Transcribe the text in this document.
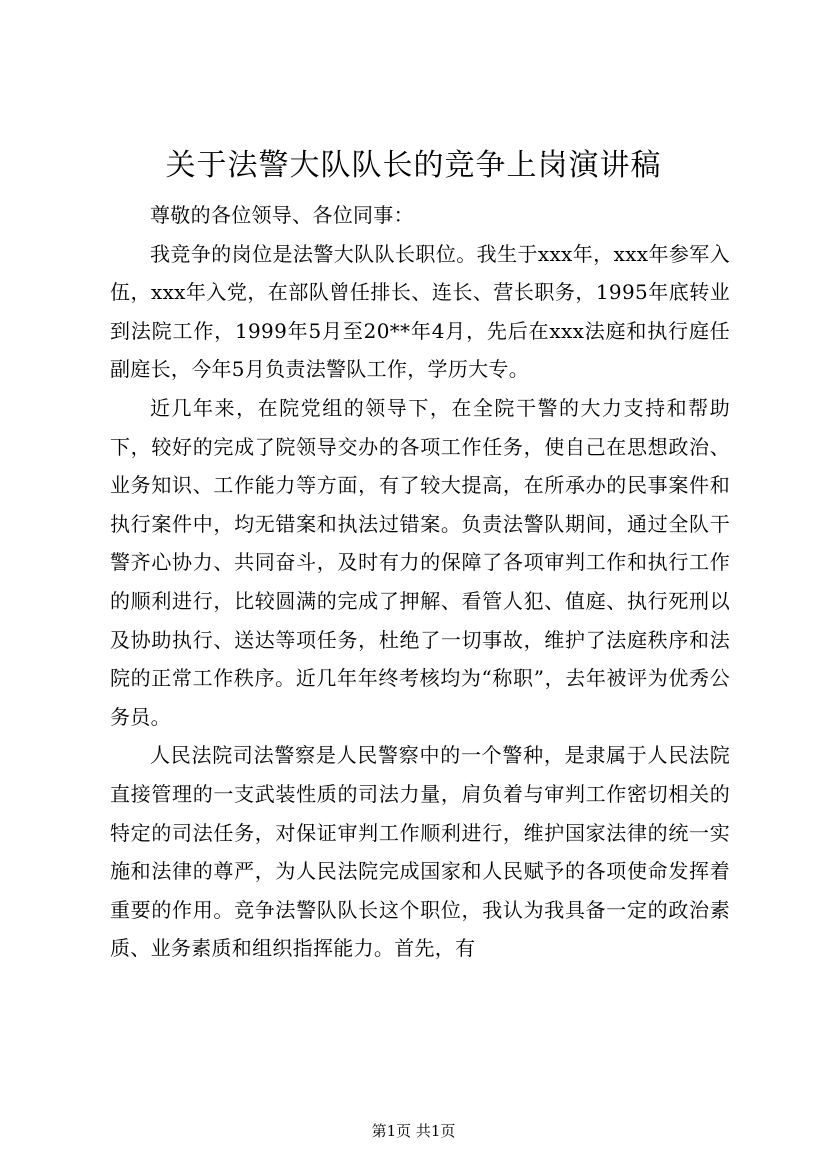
关于法警大队队长的竞争上岗演讲稿

尊敬的各位领导、各位同事：

我竞争的岗位是法警大队队长职位。我生于xxx年，xxx年参军入伍，xxx年入党，在部队曾任排长、连长、营长职务，1995年底转业到法院工作，1999年5月至20**年4月，先后在xxx法庭和执行庭任副庭长，今年5月负责法警队工作，学历大专。

近几年来，在院党组的领导下，在全院干警的大力支持和帮助下，较好的完成了院领导交办的各项工作任务，使自己在思想政治、业务知识、工作能力等方面，有了较大提高，在所承办的民事案件和执行案件中，均无错案和执法过错案。负责法警队期间，通过全队干警齐心协力、共同奋斗，及时有力的保障了各项审判工作和执行工作的顺利进行，比较圆满的完成了押解、看管人犯、值庭、执行死刑以及协助执行、送达等项任务，杜绝了一切事故，维护了法庭秩序和法院的正常工作秩序。近几年年终考核均为“称职”，去年被评为优秀公务员。

人民法院司法警察是人民警察中的一个警种，是隶属于人民法院直接管理的一支武装性质的司法力量，肩负着与审判工作密切相关的特定的司法任务，对保证审判工作顺利进行，维护国家法律的统一实施和法律的尊严，为人民法院完成国家和人民赋予的各项使命发挥着重要的作用。竞争法警队队长这个职位，我认为我具备一定的政治素质、业务素质和组织指挥能力。首先，有

第1页 共1页
